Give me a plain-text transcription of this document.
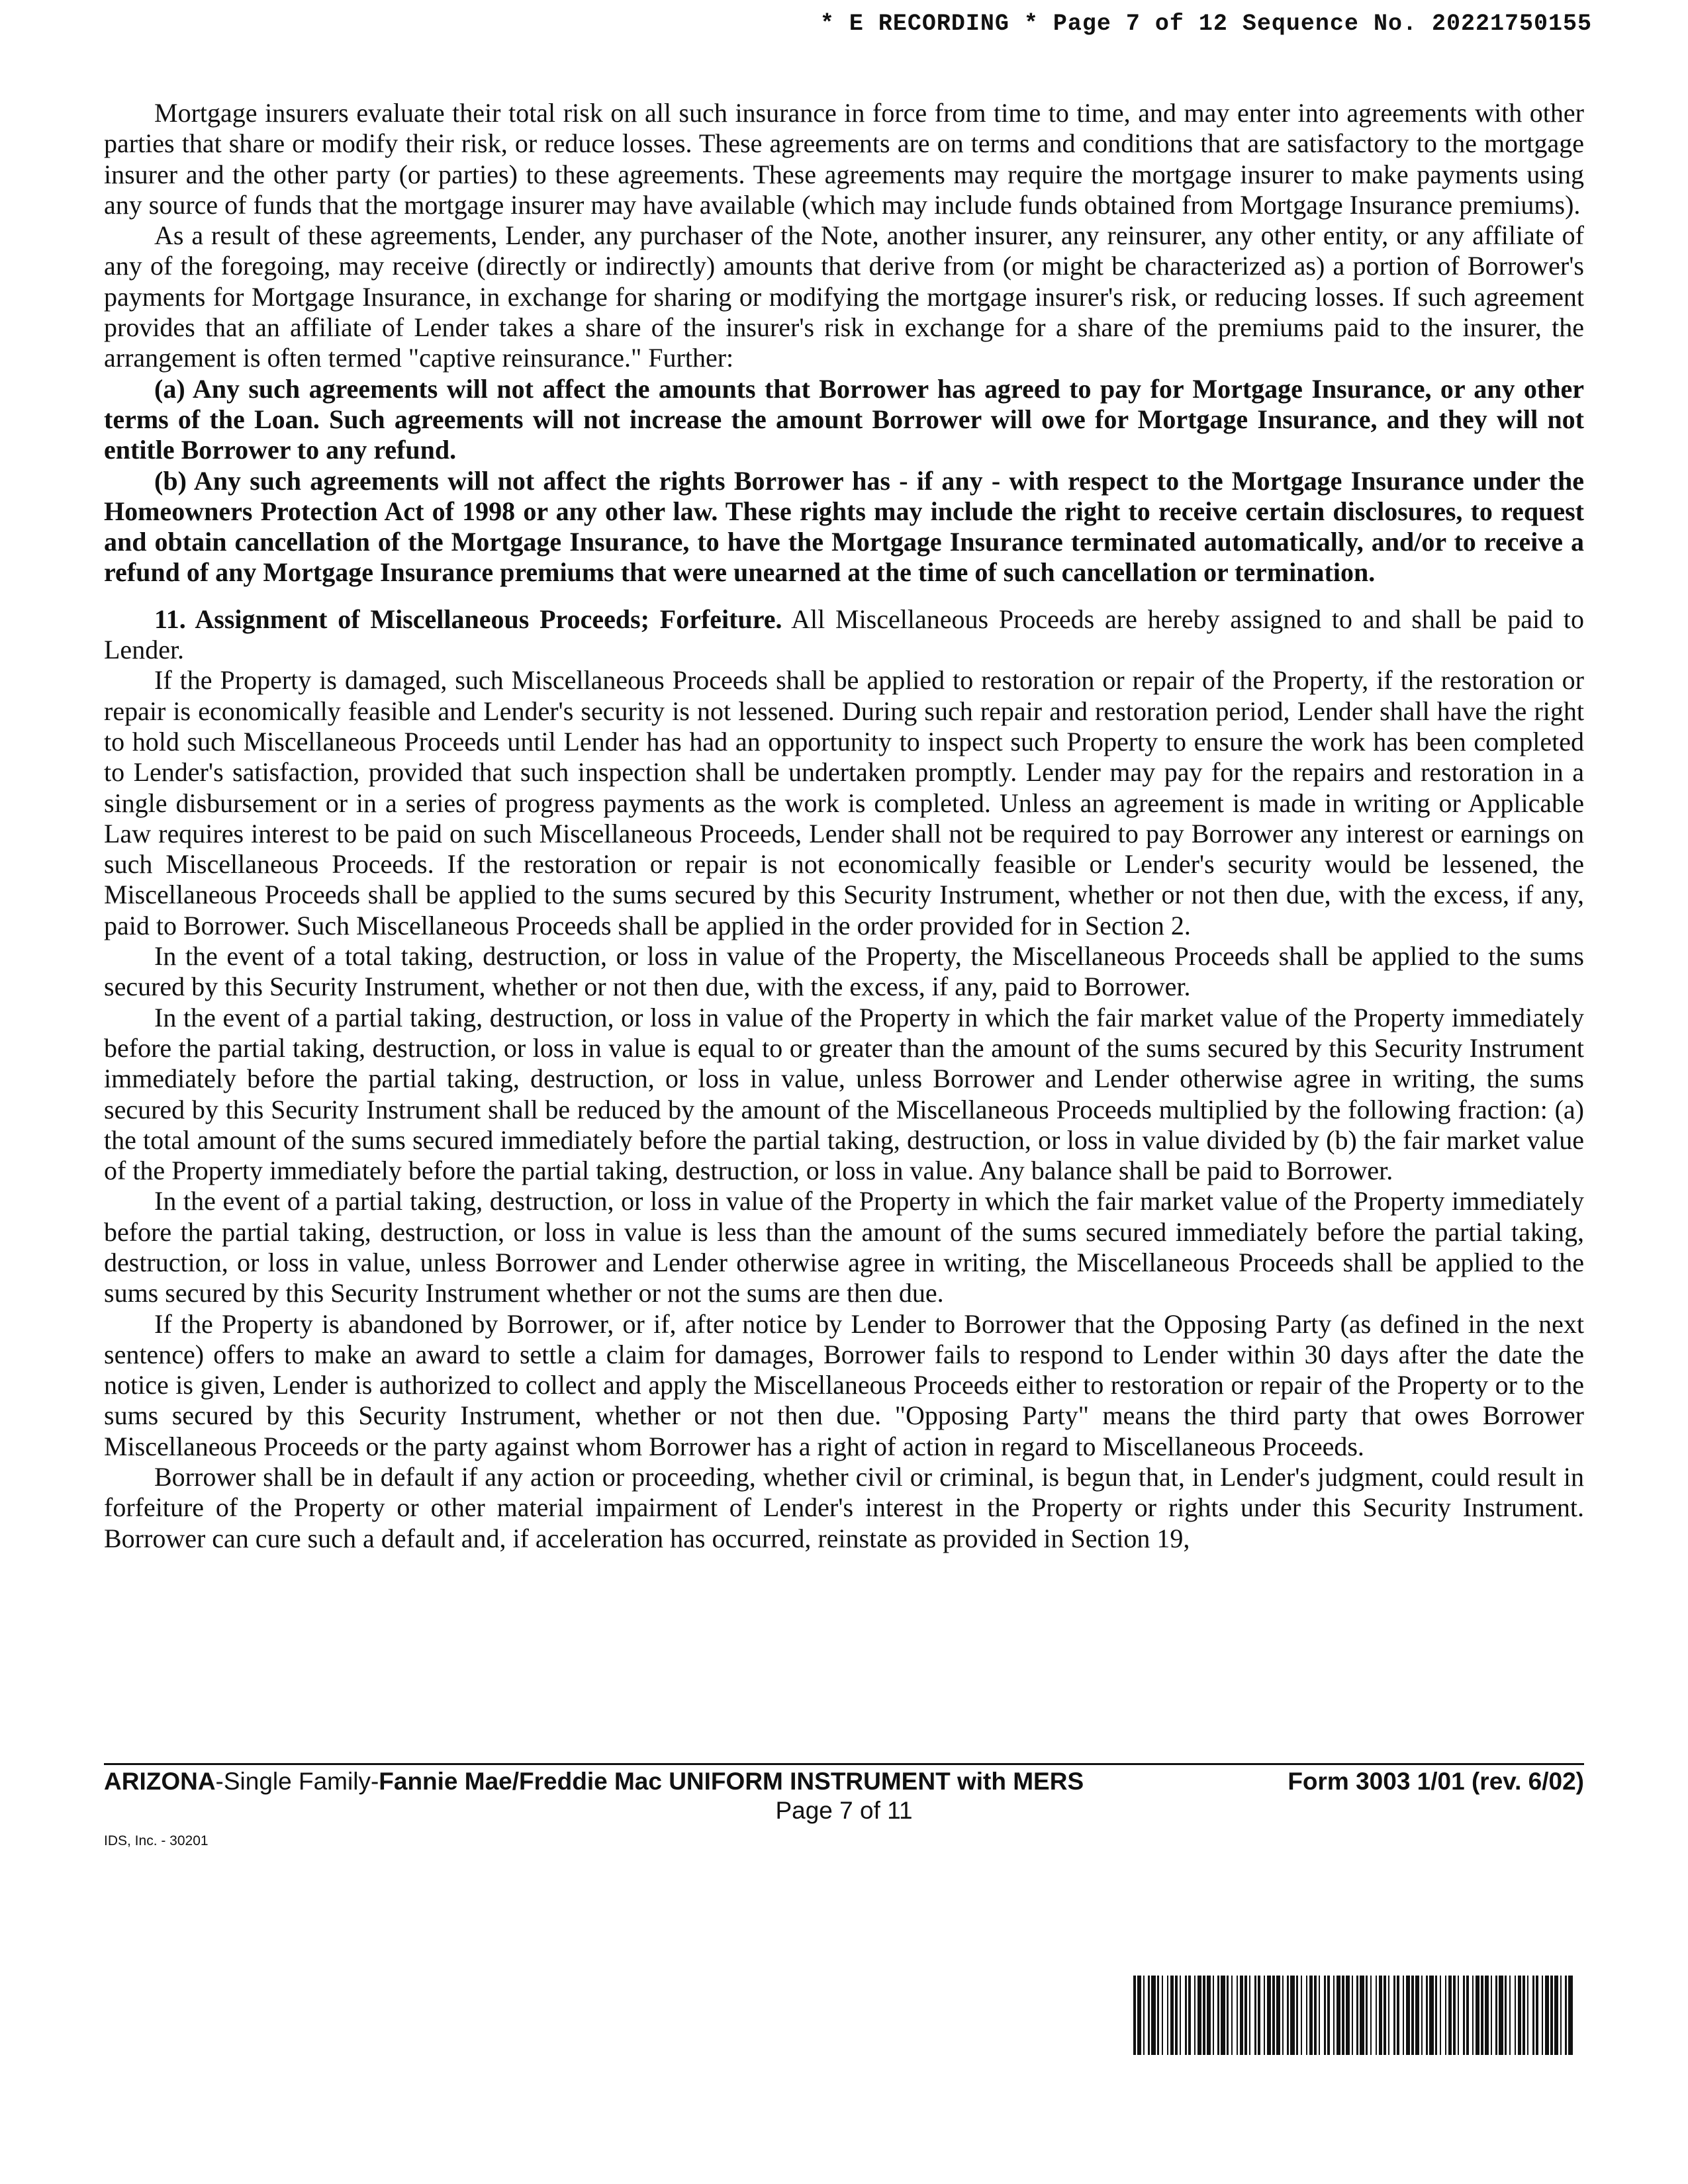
* E RECORDING * Page 7 of 12 Sequence No. 20221750155

Mortgage insurers evaluate their total risk on all such insurance in force from time to time, and may enter into agreements with other parties that share or modify their risk, or reduce losses. These agreements are on terms and conditions that are satisfactory to the mortgage insurer and the other party (or parties) to these agreements. These agreements may require the mortgage insurer to make payments using any source of funds that the mortgage insurer may have available (which may include funds obtained from Mortgage Insurance premiums).

As a result of these agreements, Lender, any purchaser of the Note, another insurer, any reinsurer, any other entity, or any affiliate of any of the foregoing, may receive (directly or indirectly) amounts that derive from (or might be characterized as) a portion of Borrower's payments for Mortgage Insurance, in exchange for sharing or modifying the mortgage insurer's risk, or reducing losses. If such agreement provides that an affiliate of Lender takes a share of the insurer's risk in exchange for a share of the premiums paid to the insurer, the arrangement is often termed "captive reinsurance." Further:

(a) Any such agreements will not affect the amounts that Borrower has agreed to pay for Mortgage Insurance, or any other terms of the Loan. Such agreements will not increase the amount Borrower will owe for Mortgage Insurance, and they will not entitle Borrower to any refund.

(b) Any such agreements will not affect the rights Borrower has - if any - with respect to the Mortgage Insurance under the Homeowners Protection Act of 1998 or any other law. These rights may include the right to receive certain disclosures, to request and obtain cancellation of the Mortgage Insurance, to have the Mortgage Insurance terminated automatically, and/or to receive a refund of any Mortgage Insurance premiums that were unearned at the time of such cancellation or termination.

11. Assignment of Miscellaneous Proceeds; Forfeiture. All Miscellaneous Proceeds are hereby assigned to and shall be paid to Lender.

If the Property is damaged, such Miscellaneous Proceeds shall be applied to restoration or repair of the Property, if the restoration or repair is economically feasible and Lender's security is not lessened. During such repair and restoration period, Lender shall have the right to hold such Miscellaneous Proceeds until Lender has had an opportunity to inspect such Property to ensure the work has been completed to Lender's satisfaction, provided that such inspection shall be undertaken promptly. Lender may pay for the repairs and restoration in a single disbursement or in a series of progress payments as the work is completed. Unless an agreement is made in writing or Applicable Law requires interest to be paid on such Miscellaneous Proceeds, Lender shall not be required to pay Borrower any interest or earnings on such Miscellaneous Proceeds. If the restoration or repair is not economically feasible or Lender's security would be lessened, the Miscellaneous Proceeds shall be applied to the sums secured by this Security Instrument, whether or not then due, with the excess, if any, paid to Borrower. Such Miscellaneous Proceeds shall be applied in the order provided for in Section 2.

In the event of a total taking, destruction, or loss in value of the Property, the Miscellaneous Proceeds shall be applied to the sums secured by this Security Instrument, whether or not then due, with the excess, if any, paid to Borrower.

In the event of a partial taking, destruction, or loss in value of the Property in which the fair market value of the Property immediately before the partial taking, destruction, or loss in value is equal to or greater than the amount of the sums secured by this Security Instrument immediately before the partial taking, destruction, or loss in value, unless Borrower and Lender otherwise agree in writing, the sums secured by this Security Instrument shall be reduced by the amount of the Miscellaneous Proceeds multiplied by the following fraction: (a) the total amount of the sums secured immediately before the partial taking, destruction, or loss in value divided by (b) the fair market value of the Property immediately before the partial taking, destruction, or loss in value. Any balance shall be paid to Borrower.

In the event of a partial taking, destruction, or loss in value of the Property in which the fair market value of the Property immediately before the partial taking, destruction, or loss in value is less than the amount of the sums secured immediately before the partial taking, destruction, or loss in value, unless Borrower and Lender otherwise agree in writing, the Miscellaneous Proceeds shall be applied to the sums secured by this Security Instrument whether or not the sums are then due.

If the Property is abandoned by Borrower, or if, after notice by Lender to Borrower that the Opposing Party (as defined in the next sentence) offers to make an award to settle a claim for damages, Borrower fails to respond to Lender within 30 days after the date the notice is given, Lender is authorized to collect and apply the Miscellaneous Proceeds either to restoration or repair of the Property or to the sums secured by this Security Instrument, whether or not then due. "Opposing Party" means the third party that owes Borrower Miscellaneous Proceeds or the party against whom Borrower has a right of action in regard to Miscellaneous Proceeds.

Borrower shall be in default if any action or proceeding, whether civil or criminal, is begun that, in Lender's judgment, could result in forfeiture of the Property or other material impairment of Lender's interest in the Property or rights under this Security Instrument. Borrower can cure such a default and, if acceleration has occurred, reinstate as provided in Section 19,

ARIZONA-Single Family-Fannie Mae/Freddie Mac UNIFORM INSTRUMENT with MERS	Form 3003 1/01 (rev. 6/02)
Page 7 of 11
IDS, Inc. - 30201
